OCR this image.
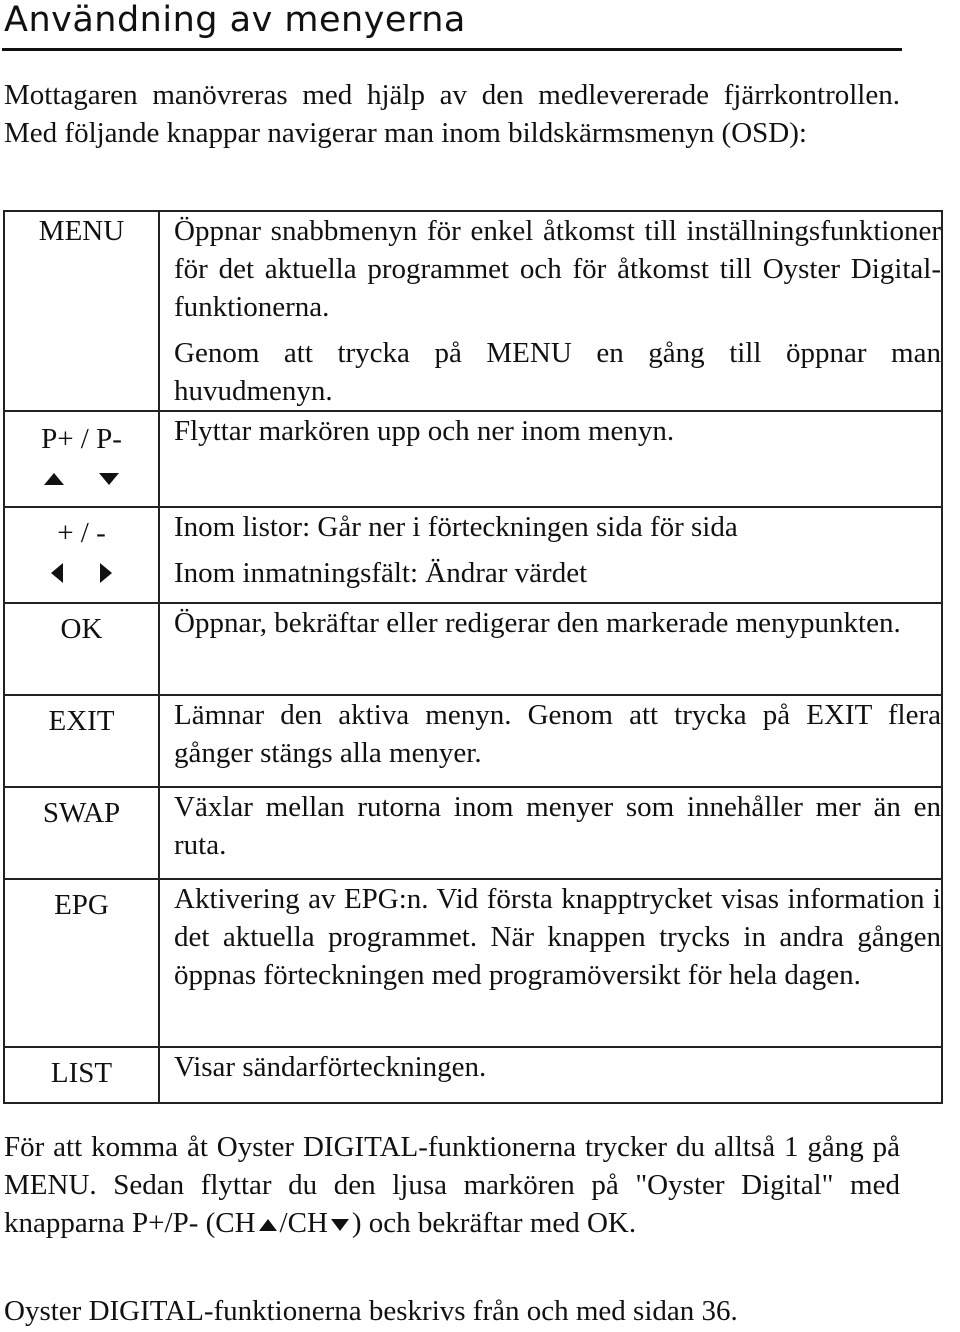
Användning av menyerna

Mottagaren manövreras med hjälp av den medlevererade fjärrkontrollen. Med följande knappar navigerar man inom bildskärmsmenyn (OSD):

MENU	Öppnar snabbmenyn för enkel åtkomst till inställningsfunktioner för det aktuella programmet och för åtkomst till Oyster Digital-funktionerna.

Genom att trycka på MENU en gång till öppnar man huvudmenyn.

P+ / P-	Flyttar markören upp och ner inom menyn.

+ / -	Inom listor: Går ner i förteckningen sida för sida

Inom inmatningsfält: Ändrar värdet

OK	Öppnar, bekräftar eller redigerar den markerade menypunkten.

EXIT	Lämnar den aktiva menyn. Genom att trycka på EXIT flera gånger stängs alla menyer.

SWAP	Växlar mellan rutorna inom menyer som innehåller mer än en ruta.

EPG	Aktivering av EPG:n. Vid första knapptrycket visas information i det aktuella programmet. När knappen trycks in andra gången öppnas förteckningen med programöversikt för hela dagen.

LIST	Visar sändarförteckningen.

För att komma åt Oyster DIGITAL-funktionerna trycker du alltså 1 gång på MENU. Sedan flyttar du den ljusa markören på "Oyster Digital" med knapparna P+/P- (CH /CH ) och bekräftar med OK.

Oyster DIGITAL-funktionerna beskrivs från och med sidan 36.
